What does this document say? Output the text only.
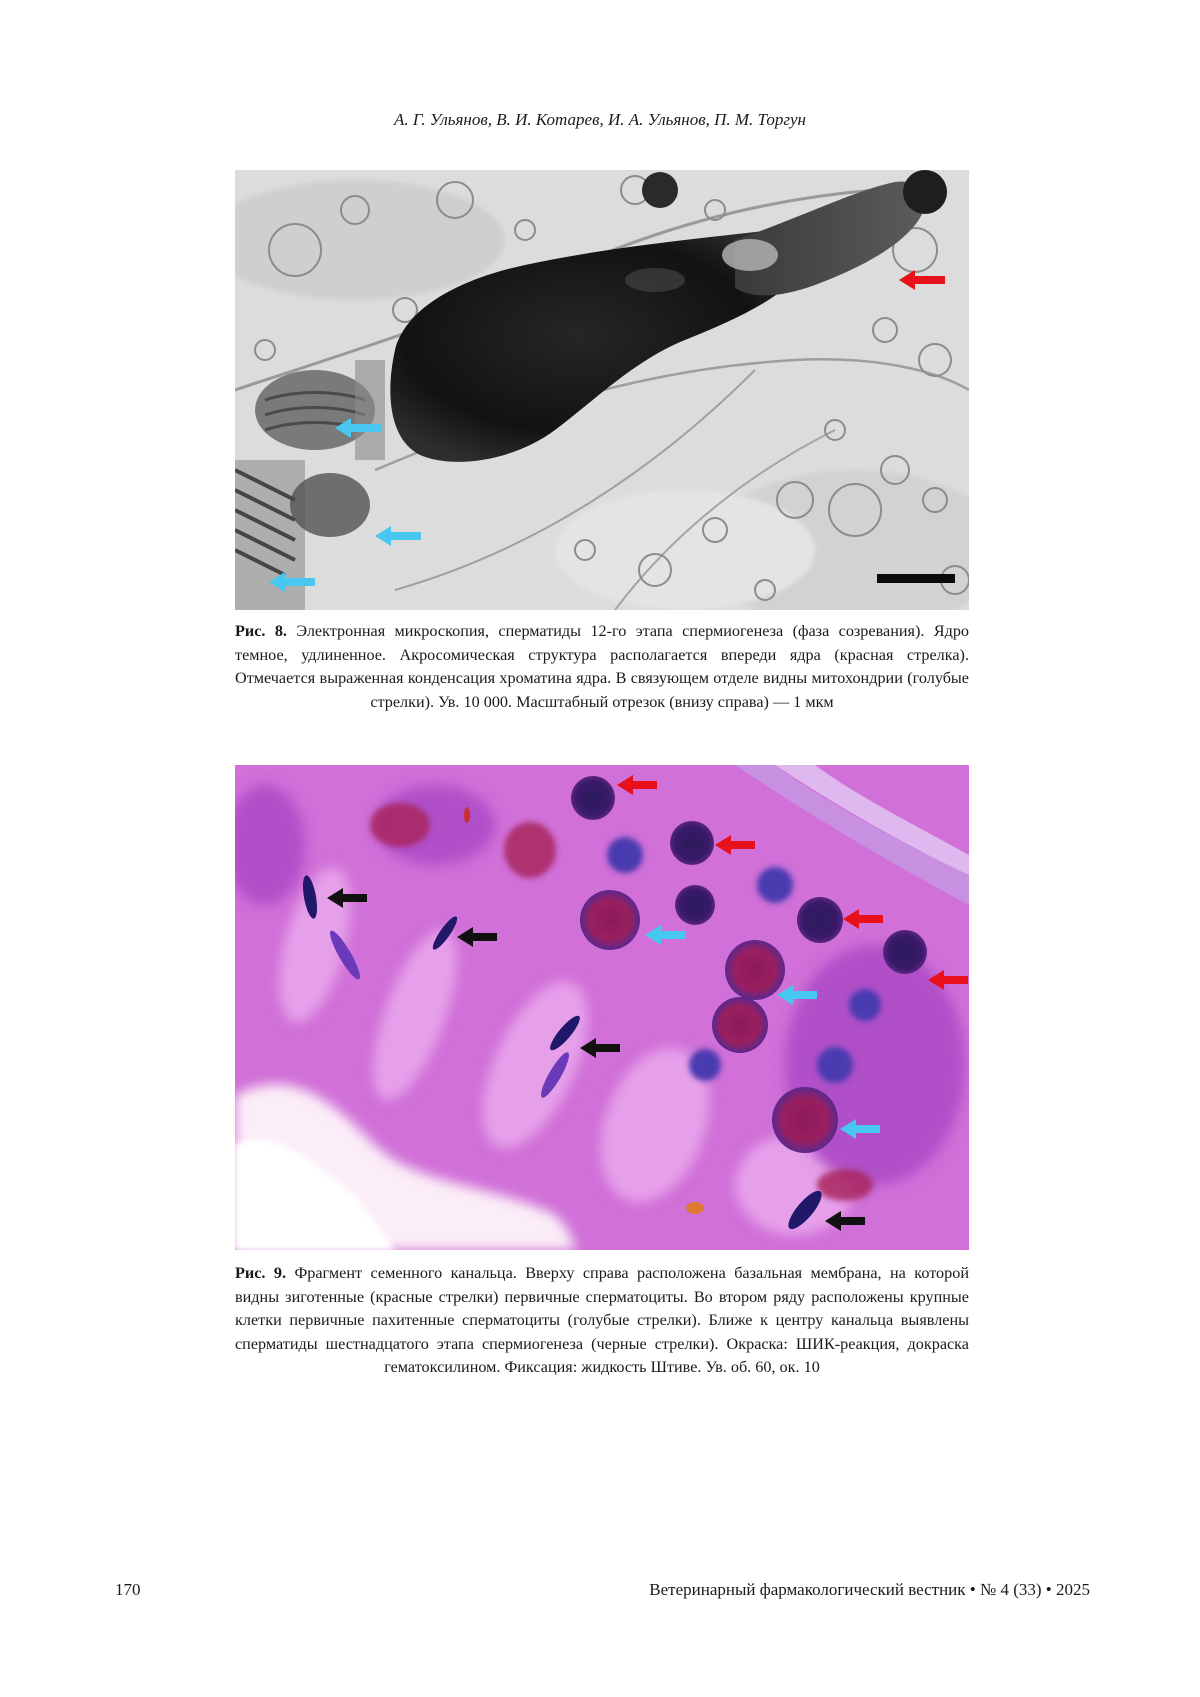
А. Г. Ульянов, В. И. Котарев, И. А. Ульянов, П. М. Торгун
Рис. 8. Электронная микроскопия, сперматиды 12-го этапа спермиогенеза (фаза созревания). Ядро темное, удлиненное. Акросомическая структура располагается впереди ядра (красная стрелка). Отмечается выраженная конденсация хроматина ядра. В связующем отделе видны митохондрии (голубые стрелки). Ув. 10 000. Масштабный отрезок (внизу справа) — 1 мкм
Рис. 9. Фрагмент семенного канальца. Вверху справа расположена базальная мембрана, на которой видны зиготенные (красные стрелки) первичные сперматоциты. Во втором ряду расположены крупные клетки первичные пахитенные сперматоциты (голубые стрелки). Ближе к центру канальца выявлены сперматиды шестнадцатого этапа спермиогенеза (черные стрелки). Окраска: ШИК-реакция, докраска гематоксилином. Фиксация: жидкость Штиве. Ув. об. 60, ок. 10
170	Ветеринарный фармакологический вестник • № 4 (33) • 2025
